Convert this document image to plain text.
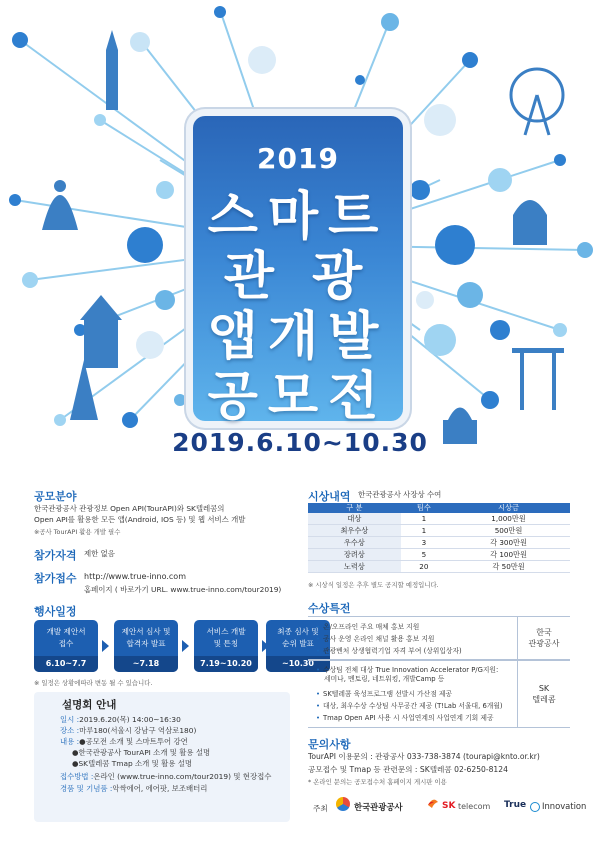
2019
스마트
관 광
앱개발
공모전
2019.6.10~10.30
공모분야
한국관광공사 관광정보 Open API(TourAPI)와 SK텔레콤의
Open API를 활용한 모든 앱(Android, IOS 등) 및 웹 서비스 개발
※공사 TourAPI 활용 개발 필수
참가자격 제한 없음
참가접수 http://www.true-inno.com
홈페이지 ( 바로가기 URL. www.true-inno.com/tour2019)
행사일정
개발 제안서
접수
6.10~7.7
제안서 심사 및
합격자 발표
~7.18
서비스 개발
및 튼칭
7.19~10.20
최종 심사 및
순위 발표
~10.30
※ 일정은 상황에따라 변동 될 수 있습니다.
설명회 안내
일시 :2019.6.20(목) 14:00~16:30
장소 :마루180(서울시 강남구 역삼로180)
내용 :●공모전 소개 및 스마트투어 강연
●한국관광공사 TourAPI 소개 및 활용 설명
●SK텔레콤 Tmap 소개 및 활용 설명
접수방법 :온라인 (www.true-inno.com/tour2019) 및 현장접수
경품 및 기념품 :악싹에어, 에어팟, 보조배터리
시상내역 한국관광공사 사장상 수여
구 분	팀수	시상금
대상	1	1,000만원
최우수상	1	500만원
우수상	3	각 300만원
장려상	5	각 100만원
노력상	20	각 50만원
※ 시상식 일정은 추후 별도 공지할 예정입니다.
수상특전
• 온/오프라인 주요 매체 홍보 지원
• 공사 운영 온라인 채널 활용 홍보 지원
• 관광벤처 상생협력기업 자격 부여 (상위입상자)
한국
관광공사
• 수상팀 전체 대상 True Innovation Accelerator P/G지원:
세미나, 멘토링, 네트워킹, 개발Camp 등
• SK텔레콤 육성프로그램 선발시 가산점 제공
• 대상, 최우수상 수상팀 사무공간 제공 (T!Lab 서울대, 6개월)
• Tmap Open API 사용 시 사업연계의 사업연계 기회 제공
SK
텔레콤
문의사항
TourAPI 이용문의 : 관광공사 033-738-3874 (tourapi@knto.or.kr)
공모접수 및 Tmap 등 관련문의 : SK텔레콤 02-6250-8124
* 온라인 문의는 공모접수처 홈페이지 게시판 이용
주최	한국관광공사	SK telecom True Innovation
